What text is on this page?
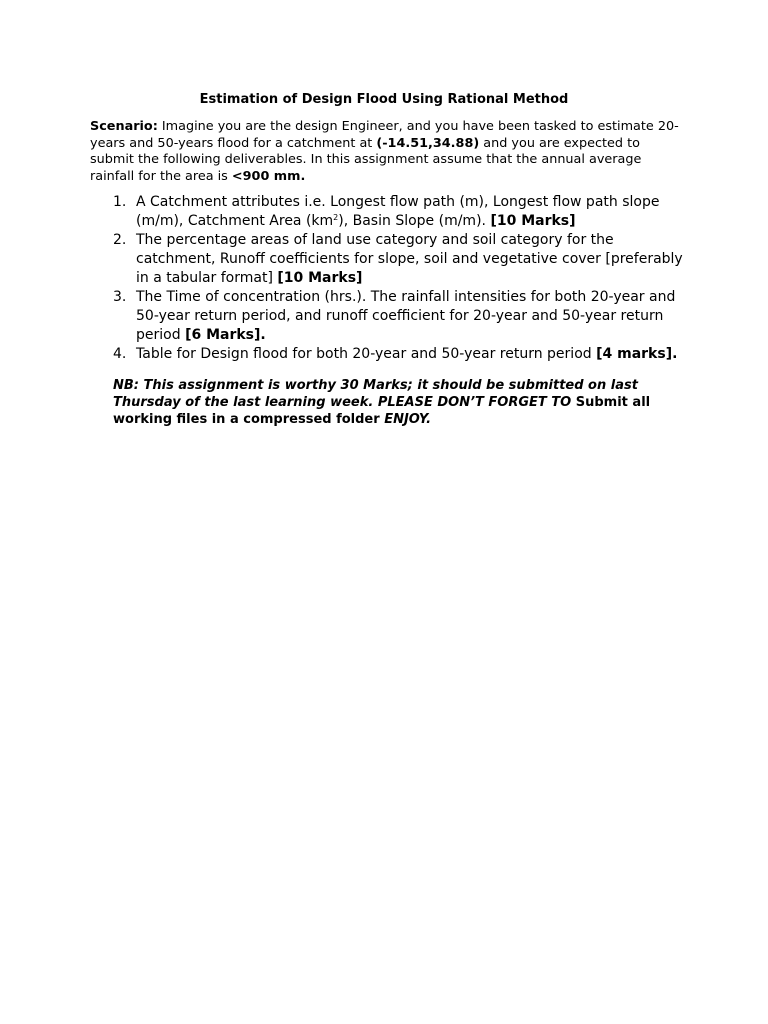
Estimation of Design Flood Using Rational Method

Scenario: Imagine you are the design Engineer, and you have been tasked to estimate 20-years and 50-years flood for a catchment at (-14.51,34.88) and you are expected to submit the following deliverables. In this assignment assume that the annual average rainfall for the area is <900 mm.

1. A Catchment attributes i.e. Longest flow path (m), Longest flow path slope (m/m), Catchment Area $(km^2)$, Basin Slope (m/m). [10 Marks]
2. The percentage areas of land use category and soil category for the catchment, Runoff coefficients for slope, soil and vegetative cover [preferably in a tabular format] [10 Marks]
3. The Time of concentration (hrs.). The rainfall intensities for both 20-year and 50-year return period, and runoff coefficient for 20-year and 50-year return period [6 Marks].
4. Table for Design flood for both 20-year and 50-year return period [4 marks].

NB: This assignment is worthy 30 Marks; it should be submitted on last Thursday of the last learning week. PLEASE DON’T FORGET TO Submit all working files in a compressed folder ENJOY.
